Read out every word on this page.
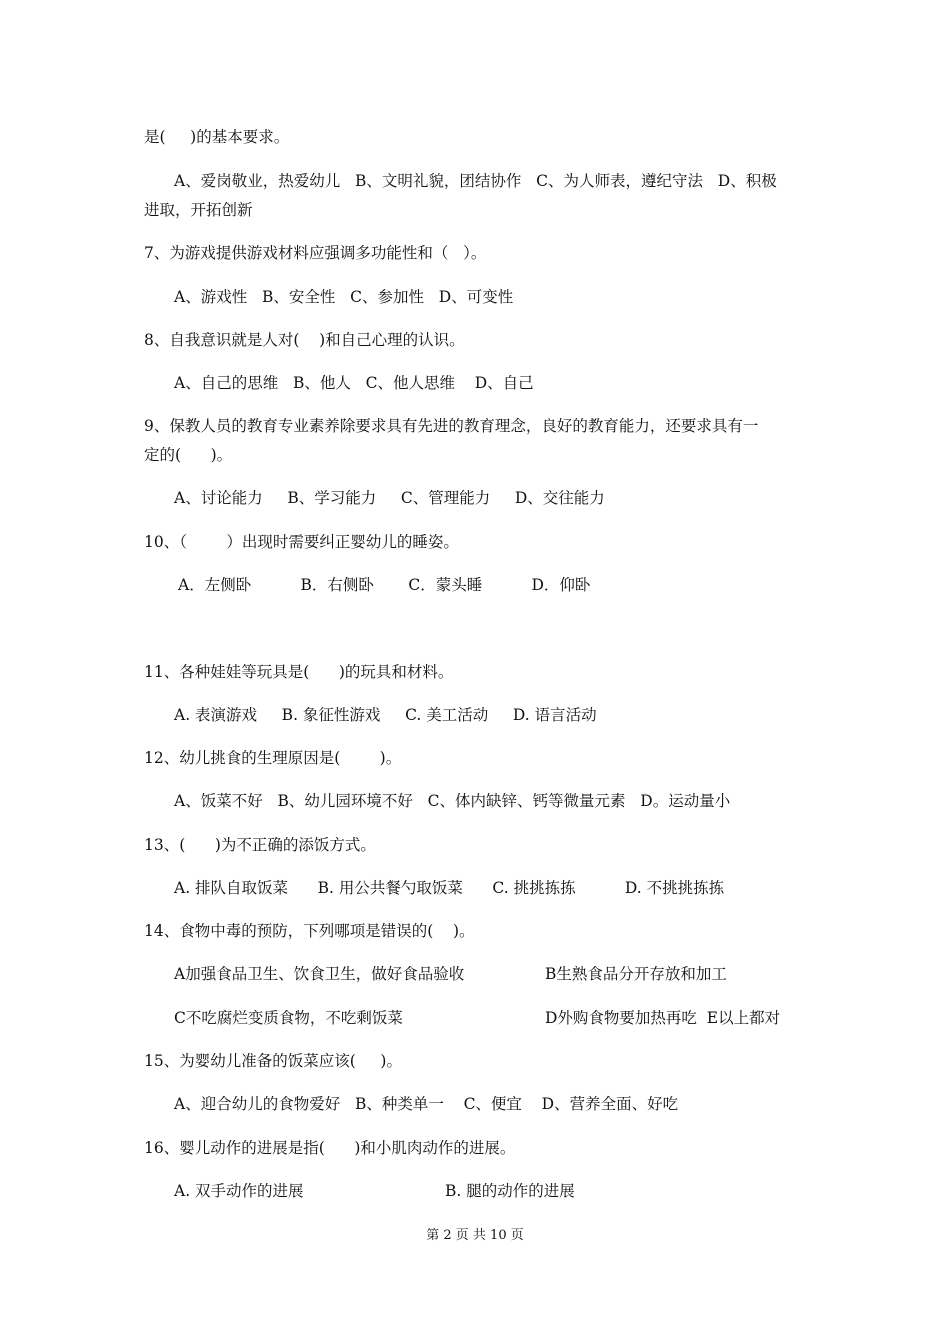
是(     )的基本要求。
A、爱岗敬业，热爱幼儿   B、文明礼貌，团结协作   C、为人师表，遵纪守法   D、积极
进取，开拓创新
7、为游戏提供游戏材料应强调多功能性和（   ）。
A、游戏性   B、安全性   C、参加性   D、可变性
8、自我意识就是人对(    )和自己心理的认识。
A、自己的思维   B、他人   C、他人思维    D、自己
9、保教人员的教育专业素养除要求具有先进的教育理念，良好的教育能力，还要求具有一
定的(      )。
A、讨论能力     B、学习能力     C、管理能力     D、交往能力
10、（        ）出现时需要纠正婴幼儿的睡姿。
A．左侧卧          B．右侧卧       C．蒙头睡          D．仰卧
11、各种娃娃等玩具是(      )的玩具和材料。
A. 表演游戏     B. 象征性游戏     C. 美工活动     D. 语言活动
12、幼儿挑食的生理原因是(        )。
A、饭菜不好   B、幼儿园环境不好   C、体内缺锌、钙等微量元素   D。运动量小
13、(      )为不正确的添饭方式。
A. 排队自取饭菜      B. 用公共餐勺取饭菜      C. 挑挑拣拣          D. 不挑挑拣拣
14、食物中毒的预防，下列哪项是错误的(    )。
A加强食品卫生、饮食卫生，做好食品验收	B生熟食品分开存放和加工
C不吃腐烂变质食物，不吃剩饭菜	D外购食物要加热再吃  E以上都对
15、为婴幼儿准备的饭菜应该(     )。
A、迎合幼儿的食物爱好   B、种类单一    C、便宜    D、营养全面、好吃
16、婴儿动作的进展是指(      )和小肌肉动作的进展。
A. 双手动作的进展	B. 腿的动作的进展
第 2 页 共 10 页
